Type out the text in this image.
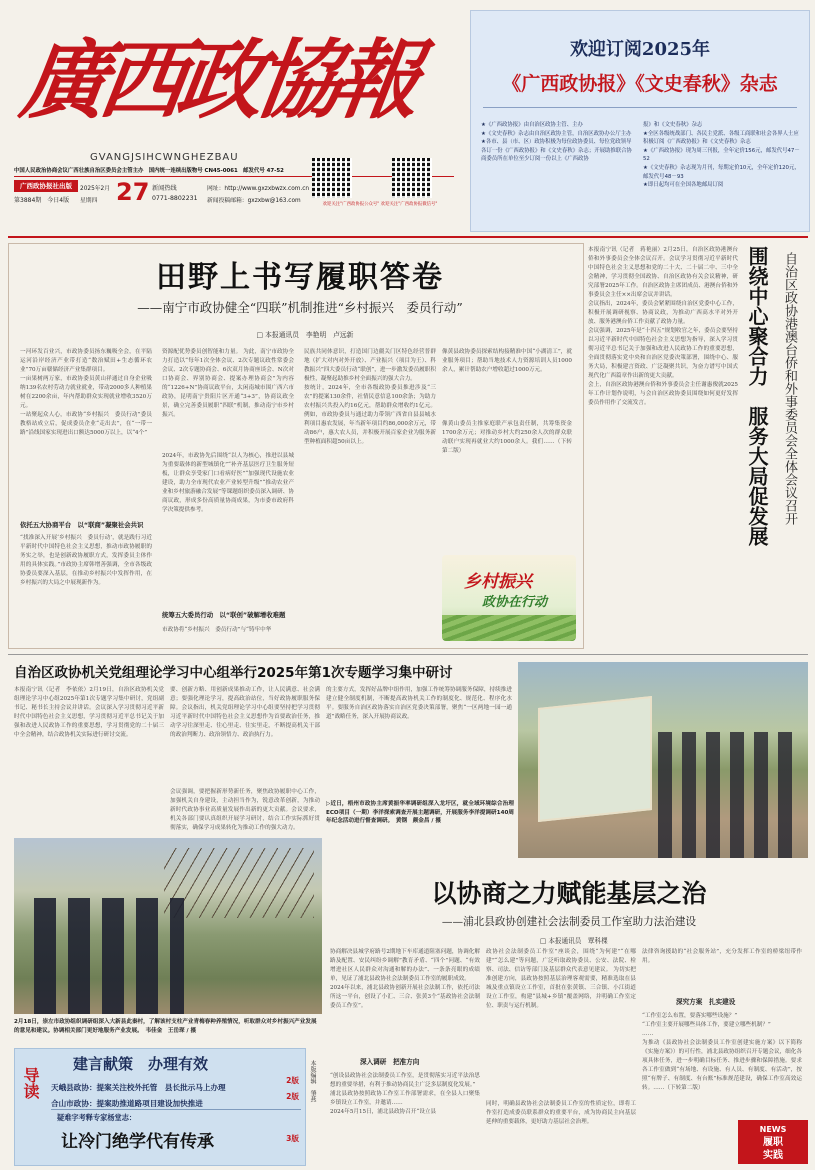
廣西政協報
GVANGJSIHCWNGHEZBAU
中国人民政治协商会议广西壮族自治区委员会主管主办　国内统一连续出版物号 CN45-0061　邮发代号 47-52
广西政协报社出版
第3884期　今日4版
2025年2月
星期四 27 新闻热线
0771-8802231
网址：http://www.gxzxbwzx.com.cn
新闻投稿邮箱：gxzxbw@163.com
欢迎关注"广西政协报公众号" 欢迎关注"广西政协报微信号"
欢迎订阅2025年
《广西政协报》《文史春秋》杂志
★《广西政协报》由自治区政协主管、主办
★《文史春秋》杂志由自治区政协主管，自治区政协办公厅主办
★各市、县（市、区）政协积极为每位政协委员、每位党政领导各订一份《广西政协报》和《文史春秋》杂志；开展助推联合协商委员所在单位至少订阅一份以上《广西政协
报》和《文史春秋》杂志
★全区各级统战部门、各民主党派、各级工商联和社会各界人士应积极订阅《广西政协报》和《文史春秋》杂志
★《广西政协报》现为周三刊报，全年定价156元，邮发代号47－52
★《文史春秋》杂志现为月刊，每期定价10元，全年定价120元，邮发代号48－93
★即日起均可在全国各地邮局订阅
田野上书写履职答卷
——南宁市政协健全“四联”机制推进“乡村振兴　委员行动”
□ 本报通讯员　李艳明　卢远新
一河环发百业兴，市政协委员扬东巍吸全会，在平陆运河沿岸经济产业带打造“数治赋田+生态循环农业”70万亩赣储经济产业集群项目。
一亩果树两万家，市政协委员黄山祥通过自身企业吸纳139名农村劳动力就业就业，带动2000多人种植果树在2200余亩，年内帮助群众实现就业增收3520万元。
一站聚起众人心，市政协“乡村振兴　委员行动”委员教格站成立后，促成委员企业“走出去”，在“一带一路”沿线国家实现进出口额达5000万以上，以“4个”
依托五大协商平台　以“联商”凝聚社会共识
“找准深入开展‘乡村振兴　委员行动’，就是践行习近平新时代中国特色社会主义思想，推动市政协履职的务实之举，也是创新政协履职方式，发挥委员主体作用的具体实践。”市政协主席韩增善强调，全市各级政协委员要深入基层，在推动乡村振兴中发挥作用，在乡村振兴的大局之中展现新作为。
资源配优势委员创智能和力量。 为此，南宁市政协全力打造以“每年1次全体会议、2次专题议政性常委会会议、2次专题协商会、6次双月协商座谈会、N次对口协商会、界别协商会、提案办理协商会”为内容的“1226+N”协商议政平台，太闲南城市围广西六市政协，昆明南宁贵阳片区开通“3+3”，协商议政全景，确立完善委员履职“四联”机制，推动南宁市乡村振兴。
2024年，市政协先后围绕“以人为核心，推进以县城为重要载体的新型城镇化”“补齐基层医疗卫生服务短板，让群众享受家门口看病好医”“加强现代设施农业建设，助力全市现代农业产业转型升级”“推动农业产业和乡村旅游融合发展”等课题组织委员深入调研、协商议政，形成多份高质量协商成果，为市委市政府科学决策提供参考。
统筹五大委员行动　以“联创”破解增收难题
市政协将“乡村振兴　委员行动”与“铸牢中华
民族共同体意识，打造国门边疆关门区特色经营普群地（扩大对内对外开放）、产业振兴（项目为王）、科教振兴”四大委员行动“联创”，进一步激发委员履职积极性，凝聚起助推乡村全面振兴的强大合力。
按统计，2024年，全市各级政协委员推进涉及“三农”的提案130余件，社情民意信息100余条；为助力农村振兴共投入约16亿元，帮助群众增收约1亿元。例如，市政协委员与通过助力带领广西省自县县城水利项目惠农发展，年当新年项目约86,000余万元，带动86户，惠大农人员，并积极开展百家企业为服务新型种植面积超50亩以上。
像黄县政协委员探索结构接精准中国“小湖清工”，就业服务项目；帮助当地技术人力资源培训人员1000余人，累计帮助农户增收超过1000万元。
像黄山委员主推家庭联产承包责任制，共筹集资金1700余万元；对推动乡村大约250余人次的群众联动联户实现再就业大约1000余人。我们……（下转第二版）
乡村振兴
政协在行动
本报南宁讯（记者　蒋艳丽）2月25日，自治区政协港澳台侨和外事委员会全体会议召开。会议学习贯彻习近平新时代中国特色社会主义思想和党的二十大、二十届二中、三中全会精神，学习贯彻全国政协、自治区政协有关会议精神，研究部署2025年工作。自治区政协主席团成员、港澳台侨和外事委员会主任××出席会议并讲话。
会议指出，2024年，委员会紧紧围绕自治区党委中心工作，积极开展调研视察、协商议政，为推动广西高水平对外开放、服务港澳台侨工作贡献了政协力量。
会议强调，2025年是“十四五”规划收官之年，委员会要坚持以习近平新时代中国特色社会主义思想为指导，深入学习贯彻习近平总书记关于加强和改进人民政协工作的重要思想，全面贯彻落实党中央和自治区党委决策部署，围绕中心、服务大局，积极建言资政、广泛凝聚共识，为奋力谱写中国式现代化广西篇章作出新的更大贡献。
会上，自治区政协港澳台侨和外事委员会主任谢惠俊就2025年工作计划作说明，与会自治区政协委员围绕如何更好发挥委员作用作了交流发言。	围绕中心聚合力　服务大局促发展	自治区政协港澳台侨和外事委员会全体会议召开
自治区政协机关党组理论学习中心组举行2025年第1次专题学习集中研讨
本报南宁讯（记者　李依依）2月19日，自治区政协机关党组理论学习中心组2025年第1次专题学习集中研讨，党组副书记、秘书长主持会议并讲话。会议深入学习贯彻习近平新时代中国特色社会主义思想，学习贯彻习近平总书记关于加强和改进人民政协工作的重要思想，学习贯彻党的二十届三中全会精神，结合政协机关实际进行研讨交流。
要、创新方略、用创新成果推动工作，让人民满意、社会满意；要强化理论学习，提高政治站位，当好政协履职服务保障。会议指出，机关党组理论学习中心组要坚持把学习贯彻习近平新时代中国特色社会主义思想作为首要政治任务，推动学习往深里走、往心里走、往实里走，不断提高机关干部的政治判断力、政治领悟力、政治执行力。
会议强调，要把握新形势新任务，聚焦政协履职中心工作，加强机关自身建设，主动担当作为，锐意改革创新，为推动新时代政协事业高质量发展作出新的更大贡献。会议要求，机关各部门要认真组织开展学习研讨，结合工作实际抓好贯彻落实，确保学习成果转化为推动工作的强大动力。
的主要方式，发挥好品牌中组作用，加强工作统筹协调服务保障，持续推进建立健全制度机制，不断提高政协机关工作的制度化、规范化、程序化水平。要服务自治区政协落实自治区党委决策部署，聚焦“一区两地一园一通道”战略任务，深入开展协商议政。
▷近日，梧州市政协主席黄振华率调研组深入龙圩区，就全域环境综合治理ECO项目（一期）李洋探索调查开展主题调研，开展服务李洋提调研140周年纪念活动进行督查调研。　黄钢　颜金昌 / 摄
2月18日，崇左市政协组织调研组深入大新县此秦村，了解该村支柱产业青梅春种养殖情况，听取群众对乡村振兴产业发展的意见和建议。协调相关部门更好地服务产业发展。　韦佳金　王岳琛 / 摄
以协商之力赋能基层之治
——浦北县政协创建社会法制委员工作室助力法治建设
□ 本报通讯员　覃科棵
协商解决县城学府路号2期地下车库通道阻塞问题，协调化解路及配置、安民纠纷乡调解”教育矛盾、“四个”问题、“有效增进社区人民群众对沟通和解的办法”、一条条亮眼的成绩单，见证了浦北县政协社会法制委员工作室的履职成效。
2024年以来，浦北县政协创新开展社会法制工作，依托司法所这一平台，创设了小汇、三合、张黄3个“基政协社会法制委员工作室”。
深入调研　把准方向
“创设县政协社会法制委员工作室，是贯彻落实习近平法治思想的重要举措，有利于推动协商民主广泛多层制度化发展。”
浦北县政协按照政协工作室工作部署需求，在全县人口聚集乡镇设立工作室，并邀请……
2024年5月15日，浦北县政协召开“设立县
政协社会法制委员工作室”座谈会，围绕“为何建”“在哪建”“怎么建”等问题，广泛听取政协委员、公安、法院、检察、司法、信访等部门及基层群众代表意见建议。 为切实把准创建方向，县政协按照基层治理客观需要，精准选取在县城及重点镇设立工作室，首批在张黄镇、三合镇、小江街道设立工作室，构建“县城+乡镇”覆盖网络，并明确工作室定位、职责与运行机制。
同时，明确县政协社会法制委员工作室的性质定位，即将工作室打造成委员联系群众的重要平台，成为协商民主向基层延伸的重要载体，更好助力基层社会治理。
法律咨询援助的“社会服务站”，充分发挥工作室的桥梁纽带作用。
深究方案　扎实建设
“工作室怎么布置，要落实哪些设施？”
“工作室主要开展哪些具体工作，要建立哪些机制？”
……
为推动《县政协社会法制委员工作室创建实施方案》以下简称《实施方案》）的可行性，浦北县政协组织召开专题会议，细化各项具体任务，进一步明确目标任务、推进步骤和保障措施。要求各工作室做到“有场地、有设施、有人员、有制度、有活动”，按照“有牌子、有制度、有台账”标准规范建设，确保工作室高效运转。……（下转第二版）
NEWS
履职
实践
导读
建言献策　办理有效
天峨县政协：提案关注校外托管　县长批示马上办理
2版
合山市政协：提案助推道路项目建设加快推进
2版
疑难字考释专家杨堂志：
让冷门绝学代有传承	3版
本版编辑　肇燕
